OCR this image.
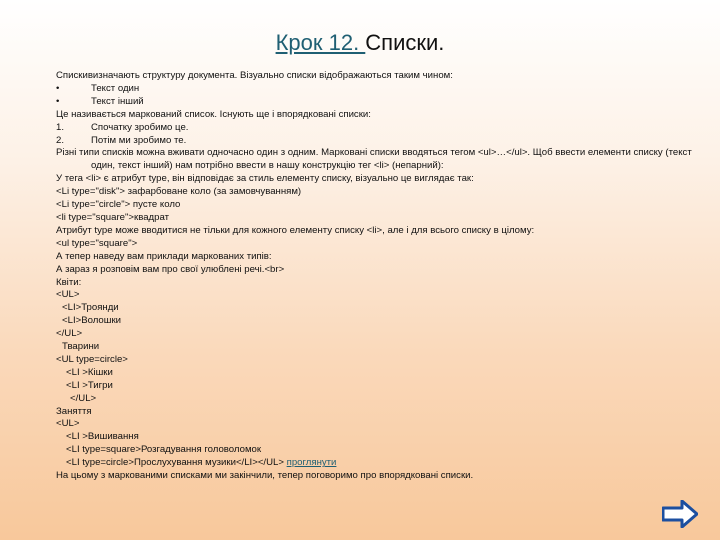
Крок 12. Списки.
Спискивизначають структуру документа. Візуально списки відображаються таким чином:
•	Текст один
•	Текст інший
Це називається маркований список. Існують ще і впорядковані списки:
1.	Спочатку зробимо це.
2.	Потім ми зробимо те.
Різні типи списків можна вживати одночасно один з одним. Марковані списки вводяться тегом <ul>…</ul>. Щоб ввести елементи списку (текст один, текст інший) нам потрібно ввести в нашу конструкцію тег <li> (непарний):
У тега <li> є атрибут type, він відповідає за стиль елементу списку, візуально це виглядає так:
<Li type="disk"> зафарбоване коло (за замовчуванням)
<Li type="circle"> пусте коло
<li type="square">квадрат
Атрибут type може вводитися не тільки для кожного елементу списку <li>, але і для всього списку в цілому:
<ul type="square">
А тепер наведу вам приклади маркованих типів:
А зараз я розповім вам про свої улюблені речі.<br>
Квіти:
<UL>
<LI>Троянди
<LI>Волошки
</UL>
Тварини
<UL type=circle>
<LI >Кішки
<LI >Тигри
</UL>
Заняття
<UL>
<LI >Вишивання
<LI type=square>Розгадування головоломок
<LI type=circle>Прослухування музики</LI></UL> проглянути
На цьому з маркованими списками ми закінчили, тепер поговоримо про впорядковані списки.
